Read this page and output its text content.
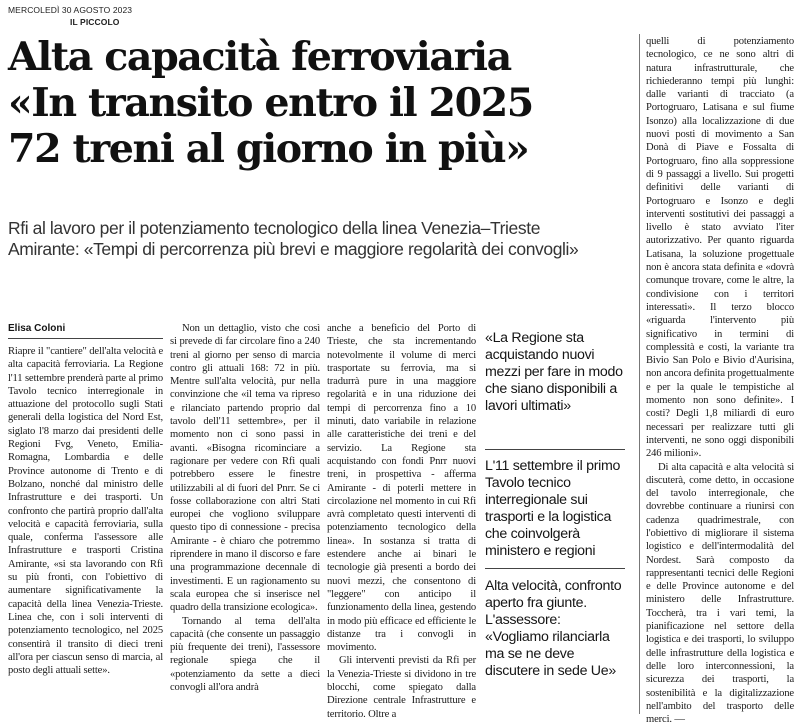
MERCOLEDÌ 30 AGOSTO 2023
IL PICCOLO
Alta capacità ferroviaria
«In transito entro il 2025
72 treni al giorno in più»
Rfi al lavoro per il potenziamento tecnologico della linea Venezia–Trieste
Amirante: «Tempi di percorrenza più brevi e maggiore regolarità dei convogli»
Elisa Coloni

Riapre il "cantiere" dell'alta velocità e alta capacità ferroviaria. La Regione l'11 settembre prenderà parte al primo Tavolo tecnico interregionale in attuazione del protocollo sugli Stati generali della logistica del Nord Est, siglato l'8 marzo dai presidenti delle Regioni Fvg, Veneto, Emilia-Romagna, Lombardia e delle Province autonome di Trento e di Bolzano, nonché dal ministro delle Infrastrutture e dei trasporti. Un confronto che partirà proprio dall'alta velocità e capacità ferroviaria, sulla quale, conferma l'assessore alle Infrastrutture e trasporti Cristina Amirante, «si sta lavorando con Rfi su più fronti, con l'obiettivo di aumentare significativamente la capacità della linea Venezia-Trieste. Linea che, con i soli interventi di potenziamento tecnologico, nel 2025 consentirà il transito di dieci treni all'ora per ciascun senso di marcia, al posto degli attuali sette».

Non un dettaglio, visto che così si prevede di far circolare fino a 240 treni al giorno per senso di marcia contro gli attuali 168: 72 in più. Mentre sull'alta velocità, pur nella convinzione che «il tema va ripreso e rilanciato partendo proprio dal tavolo dell'11 settembre», per il momento non ci sono passi in avanti. «Bisogna ricominciare a ragionare per vedere con Rfi quali potrebbero essere le finestre utilizzabili al di fuori del Pnrr. Se ci fosse collaborazione con altri Stati europei che vogliono sviluppare questo tipo di connessione - precisa Amirante - è chiaro che potremmo riprendere in mano il discorso e fare una programmazione decennale di investimenti. E un ragionamento su scala europea che si inserisce nel quadro della transizione ecologica».

Tornando al tema dell'alta capacità (che consente un passaggio più frequente dei treni), l'assessore regionale spiega che il «potenziamento da sette a dieci convogli all'ora andrà

anche a beneficio del Porto di Trieste, che sta incrementando notevolmente il volume di merci trasportate su ferrovia, ma si tradurrà pure in una maggiore regolarità e in una riduzione dei tempi di percorrenza fino a 10 minuti, dato variabile in relazione alle caratteristiche dei treni e del servizio. La Regione sta acquistando con fondi Pnrr nuovi treni, in prospettiva - afferma Amirante - di poterli mettere in circolazione nel momento in cui Rfi avrà completato questi interventi di potenziamento tecnologico della linea». In sostanza si tratta di estendere anche ai binari le tecnologie già presenti a bordo dei nuovi mezzi, che consentono di "leggere" con anticipo il funzionamento della linea, gestendo in modo più efficace ed efficiente le distanze tra i convogli in movimento.

Gli interventi previsti da Rfi per la Venezia-Trieste si dividono in tre blocchi, come spiegato dalla Direzione centrale Infrastrutture e territorio. Oltre a

«La Regione sta acquistando nuovi mezzi per fare in modo che siano disponibili a lavori ultimati»
L'11 settembre il primo Tavolo tecnico interregionale sui trasporti e la logistica che coinvolgerà ministero e regioni
Alta velocità, confronto aperto fra giunte. L'assessore: «Vogliamo rilanciarla ma se ne deve discutere in sede Ue»

quelli di potenziamento tecnologico, ce ne sono altri di natura infrastrutturale, che richiederanno tempi più lunghi: dalle varianti di tracciato (a Portogruaro, Latisana e sul fiume Isonzo) alla localizzazione di due nuovi posti di movimento a San Donà di Piave e Fossalta di Portogruaro, fino alla soppressione di 9 passaggi a livello. Sui progetti definitivi delle varianti di Portogruaro e Isonzo e degli interventi sostitutivi dei passaggi a livello è stato avviato l'iter autorizzativo. Per quanto riguarda Latisana, la soluzione progettuale non è ancora stata definita e «dovrà comunque trovare, come le altre, la condivisione con i territori interessati». Il terzo blocco «riguarda l'intervento più significativo in termini di complessità e costi, la variante tra Bivio San Polo e Bivio d'Aurisina, non ancora definita progettualmente e per la quale le tempistiche al momento non sono definite». I costi? Degli 1,8 miliardi di euro necessari per realizzare tutti gli interventi, ne sono oggi disponibili 246 milioni».

Di alta capacità e alta velocità si discuterà, come detto, in occasione del tavolo interregionale, che dovrebbe continuare a riunirsi con cadenza quadrimestrale, con l'obiettivo di migliorare il sistema logistico e dell'intermodalità del Nordest. Sarà composto da rappresentanti tecnici delle Regioni e delle Province autonome e del ministero delle Infrastrutture. Toccherà, tra i vari temi, la pianificazione nel settore della logistica e dei trasporti, lo sviluppo delle infrastrutture della logistica e delle loro interconnessioni, la sicurezza dei trasporti, la sostenibilità e la digitalizzazione nell'ambito del trasporto delle merci. —
